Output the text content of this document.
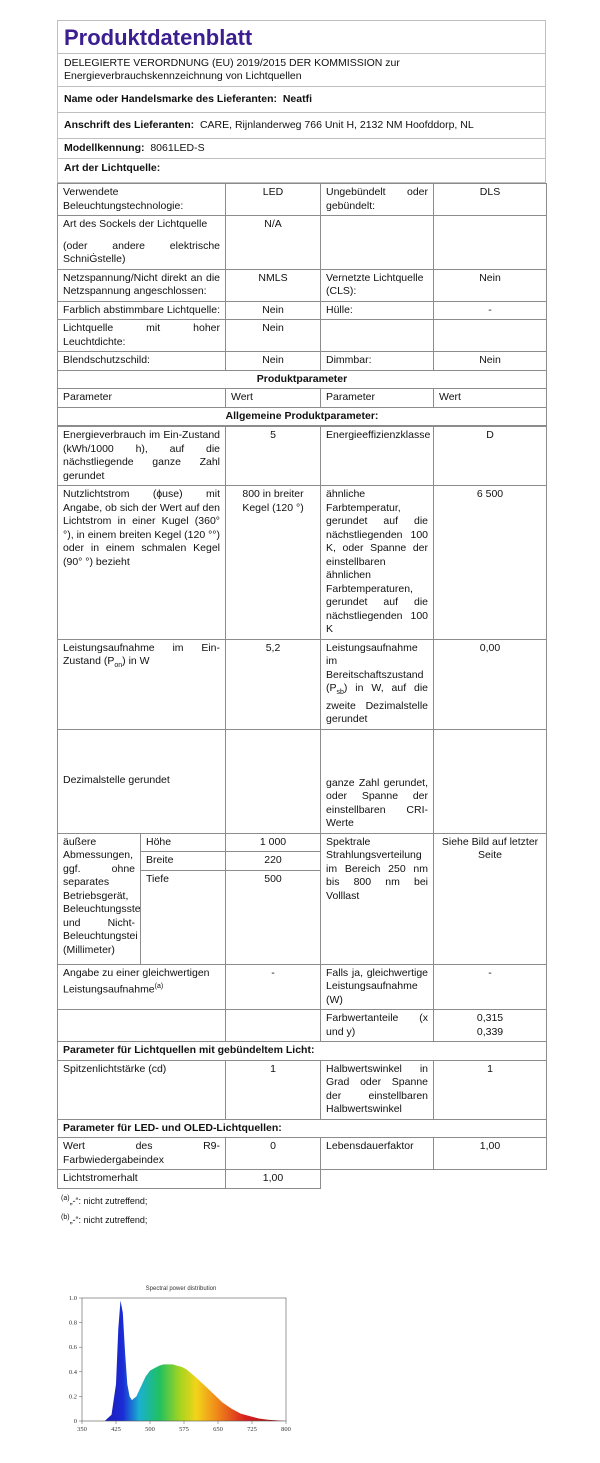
Produktdatenblatt
DELEGIERTE VERORDNUNG (EU) 2019/2015 DER KOMMISSION zur Energieverbrauchskennzeichnung von Lichtquellen
Name oder Handelsmarke des Lieferanten: Neatfi
Anschrift des Lieferanten: CARE, Rijnlanderweg 766 Unit H, 2132 NM Hoofddorp, NL
Modellkennung: 8061LED-S
Art der Lichtquelle:
Verwendete Beleuchtungstechnologie:	LED	Ungebündelt oder gebündelt:	DLS

Art des Sockels der Lichtquelle
(oder andere elektrische SchniĠstelle)	N/A		
Netzspannung/Nicht direkt an die Netzspannung angeschlossen:	NMLS	Vernetzte Lichtquelle (CLS):	Nein
Farblich abstimmbare Lichtquelle:	Nein	Hülle:	-
Lichtquelle mit hoher Leuchtdichte:	Nein		
Blendschutzschild:	Nein	Dimmbar:	Nein
Produktparameter			
Parameter	Wert	Parameter	Wert
Allgemeine Produktparameter:			
Energieverbrauch im Ein-Zustand (kWh/1000 h), auf die nächstliegende ganze Zahl gerundet		5	Energieeffizienzklasse	D
Nutzlichtstrom (ɸuse) mit Angabe, ob sich der Wert auf den Lichtstrom in einer Kugel (360° °), in einem breiten Kegel (120 °°) oder in einem schmalen Kegel (90° °) bezieht		800 in breiter Kegel (120 °)	ähnliche Farbtemperatur, gerundet auf die nächstliegenden 100 K, oder Spanne der einstellbaren ähnlichen Farbtemperaturen, gerundet auf die nächstliegenden 100 K	6 500
Leistungsaufnahme im Ein-Zustand $(P_{on})$ in W		5,2	Leistungsaufnahme im Bereitschaftszustand $(P_{sb})$ in W, auf die zweite Dezimalstelle gerundet	0,00
Dezimalstelle gerundet			ganze Zahl gerundet, oder Spanne der einstellbaren CRI-Werte	
äußere Abmessungen, ggf. ohne separates Betriebsgerät, Beleuchtungsste und Nicht-Beleuchtungstei (Millimeter)	Höhe	1 000	Spektrale Strahlungsverteilung im Bereich 250 nm bis 800 nm bei Volllast	Siehe Bild auf letzter Seite
	Breite	220		
	Tiefe	500		
Angabe zu einer gleichwertigen Leistungsaufnahme$^{(a)}$		-	Falls ja, gleichwertige Leistungsaufnahme (W)	-
			Farbwertanteile (x und y)	0,315
0,339

Parameter für Lichtquellen mit gebündeltem Licht:				
Spitzenlichtstärke (cd)		1	Halbwertswinkel in Grad oder Spanne der einstellbaren Halbwertswinkel	1
Parameter für LED- und OLED-Lichtquellen:				
Wert des R9-Farbwiedergabeindex		0	Lebensdauerfaktor	1,00
Lichtstromerhalt		1,00		
$^{(a)}$„-“: nicht zutreffend;
$^{(b)}$„-“: nicht zutreffend;
Spectral power distribution
350	425	500	575	650	725	800
0
0.2
0.4
0.6
0.8
1.0
